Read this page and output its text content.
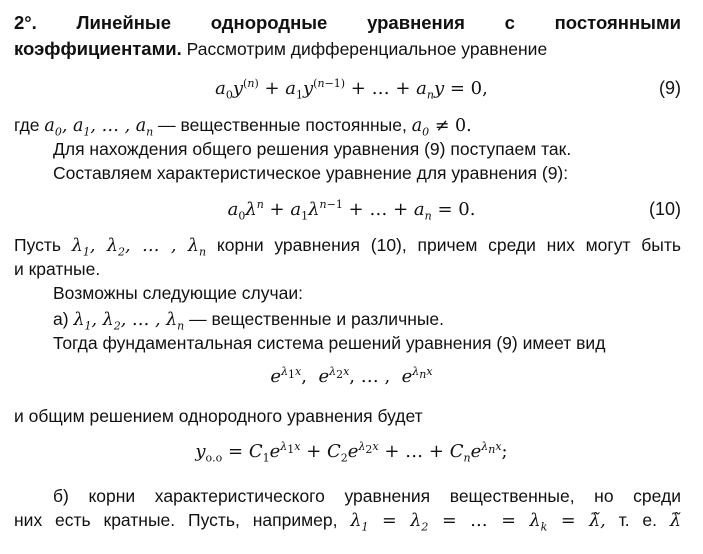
2°. Линейные однородные уравнения с постоянными
коэффициентами. Рассмотрим дифференциальное уравнение
$a_0y^{(n)} + a_1y^{(n-1)}$ + … + $a_ny = 0$,	(9)
где $a_0$, $a_1$, … , $a_n$ — вещественные постоянные, $a_0 \ne 0$.
Для нахождения общего решения уравнения (9) поступаем так.
Составляем характеристическое уравнение для уравнения (9):
$a_0\lambda^n + a_1\lambda^{n-1}$ + … + $a_n = 0$.	(10)
Пусть $\lambda_1$, $\lambda_2$, … , $\lambda_n$ корни уравнения (10), причем среди них могут быть
и кратные.
Возможны следующие случаи:
а) $\lambda_1$, $\lambda_2$, … , $\lambda_n$ — вещественные и различные.
Тогда фундаментальная система решений уравнения (9) имеет вид
$e^{\lambda_1x}$,  $e^{\lambda_2x}$, … ,  $e^{\lambda_nx}$
и общим решением однородного уравнения будет
$y_{о.о} = C_1e^{\lambda_1x} + C_2e^{\lambda_2x}$ + … + $C_ne^{\lambda_nx}$;
б) корни характеристического уравнения вещественные, но среди
них есть кратные. Пусть, например, $\lambda_1 = \lambda_2$ = … = $\lambda_k$ = λ̃, т. е. λ̃
